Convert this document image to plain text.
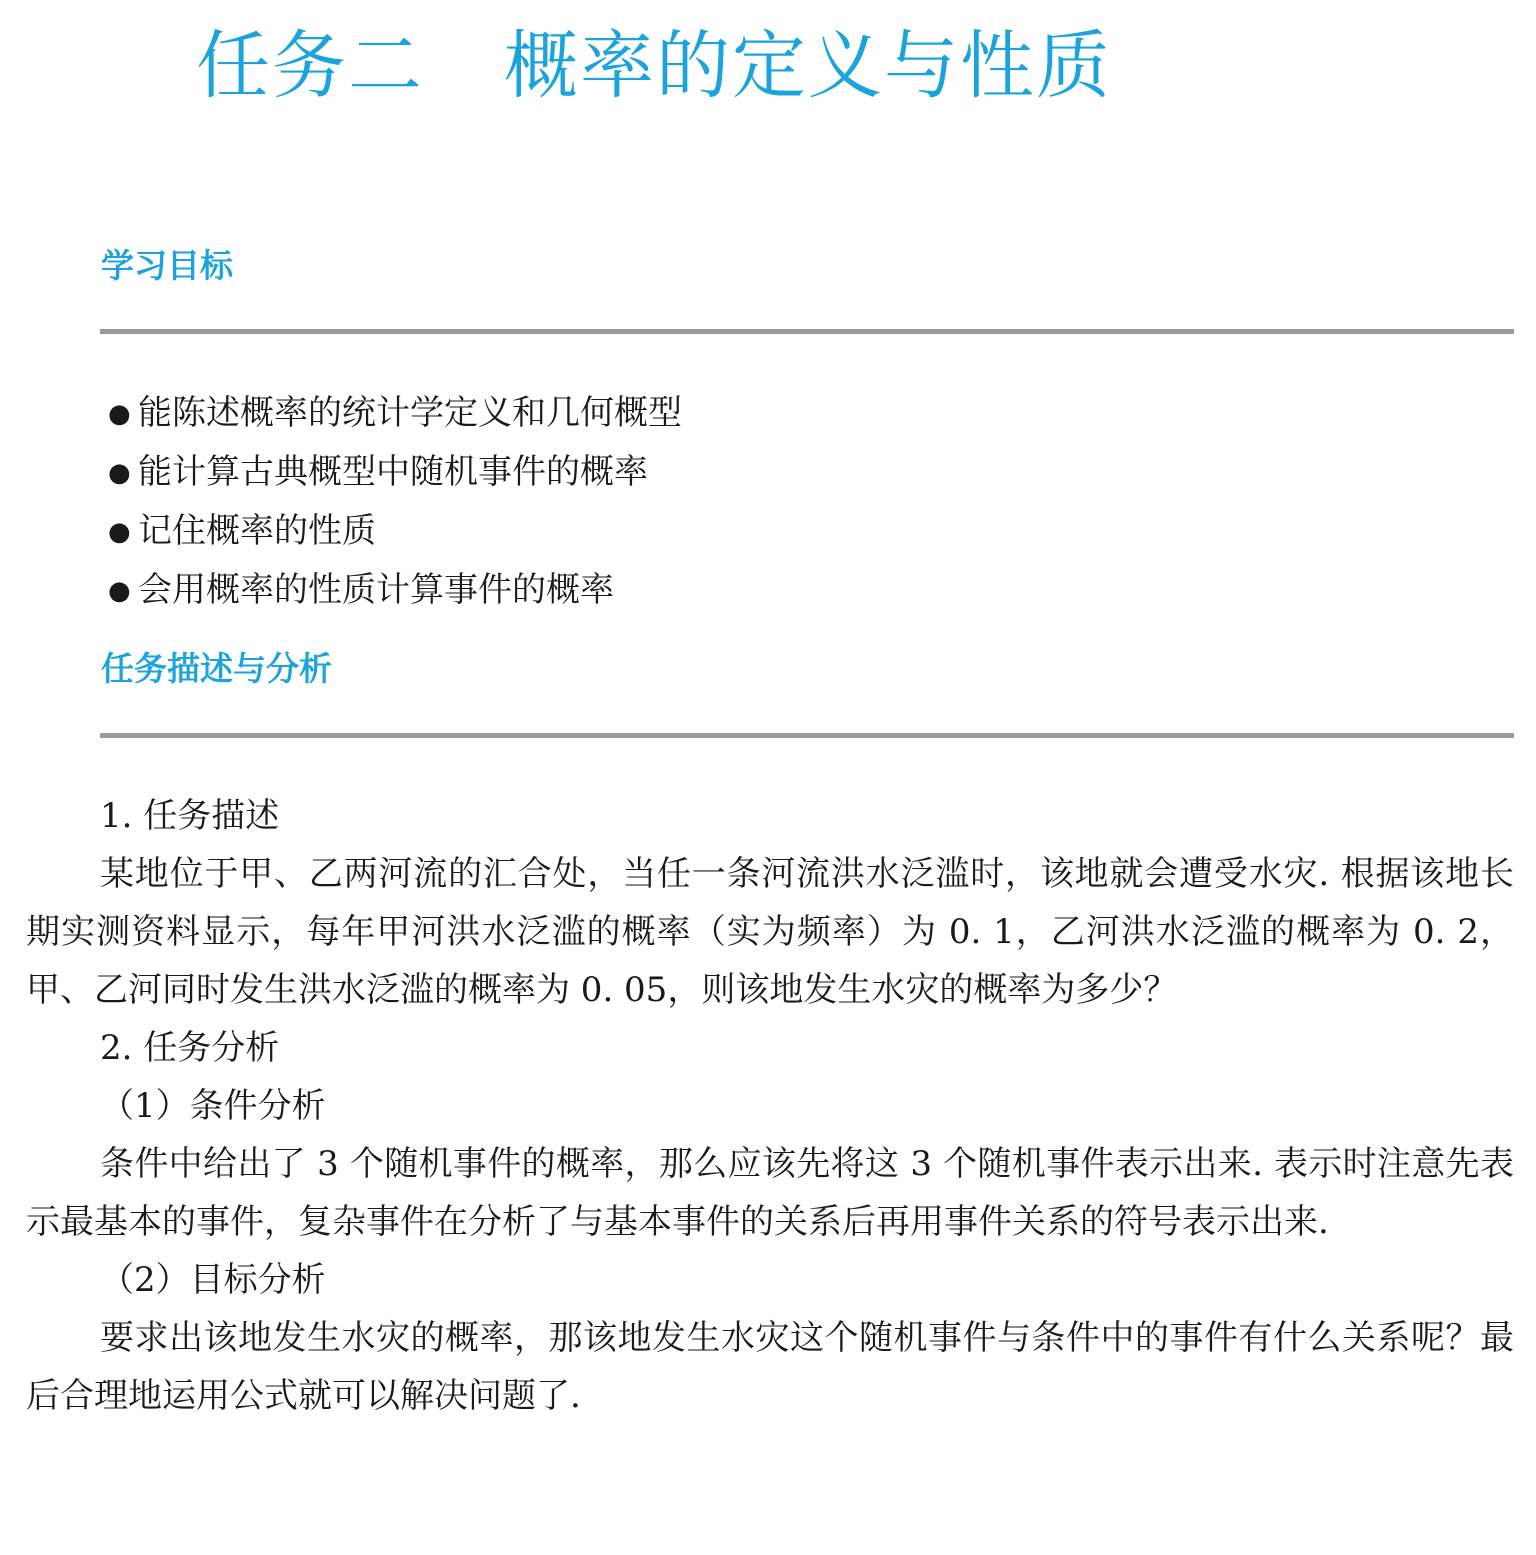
任务二 概率的定义与性质
学习目标
● 能陈述概率的统计学定义和几何概型
● 能计算古典概型中随机事件的概率
● 记住概率的性质
● 会用概率的性质计算事件的概率
任务描述与分析

1. 任务描述

某地位于甲、乙两河流的汇合处，当任一条河流洪水泛滥时，该地就会遭受水灾. 根据该地长期实测资料显示，每年甲河洪水泛滥的概率（实为频率）为 0. 1，乙河洪水泛滥的概率为 0. 2，甲、乙河同时发生洪水泛滥的概率为 0. 05，则该地发生水灾的概率为多少？

2. 任务分析

（1）条件分析

条件中给出了 3 个随机事件的概率，那么应该先将这 3 个随机事件表示出来. 表示时注意先表示最基本的事件，复杂事件在分析了与基本事件的关系后再用事件关系的符号表示出来.

（2）目标分析

要求出该地发生水灾的概率，那该地发生水灾这个随机事件与条件中的事件有什么关系呢？最后合理地运用公式就可以解决问题了.
